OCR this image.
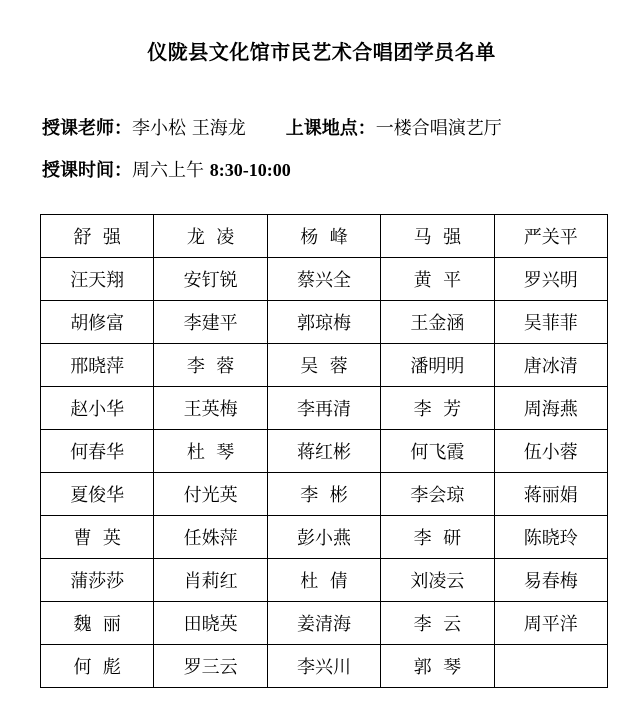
仪陇县文化馆市民艺术合唱团学员名单
授课老师：李小松 王海龙 上课地点：一楼合唱演艺厅
授课时间：周六上午 8:30-10:00
舒  强	龙  凌	杨  峰	马  强	严关平
汪天翔	安钉锐	蔡兴全	黄  平	罗兴明
胡修富	李建平	郭琼梅	王金涵	吴菲菲
邢晓萍	李  蓉	吴  蓉	潘明明	唐冰清
赵小华	王英梅	李再清	李  芳	周海燕
何春华	杜  琴	蒋红彬	何飞霞	伍小蓉
夏俊华	付光英	李  彬	李会琼	蒋丽娟
曹  英	任姝萍	彭小燕	李  研	陈晓玲
蒲莎莎	肖莉红	杜  倩	刘凌云	易春梅
魏  丽	田晓英	姜清海	李  云	周平洋
何  彪	罗三云	李兴川	郭  琴	
